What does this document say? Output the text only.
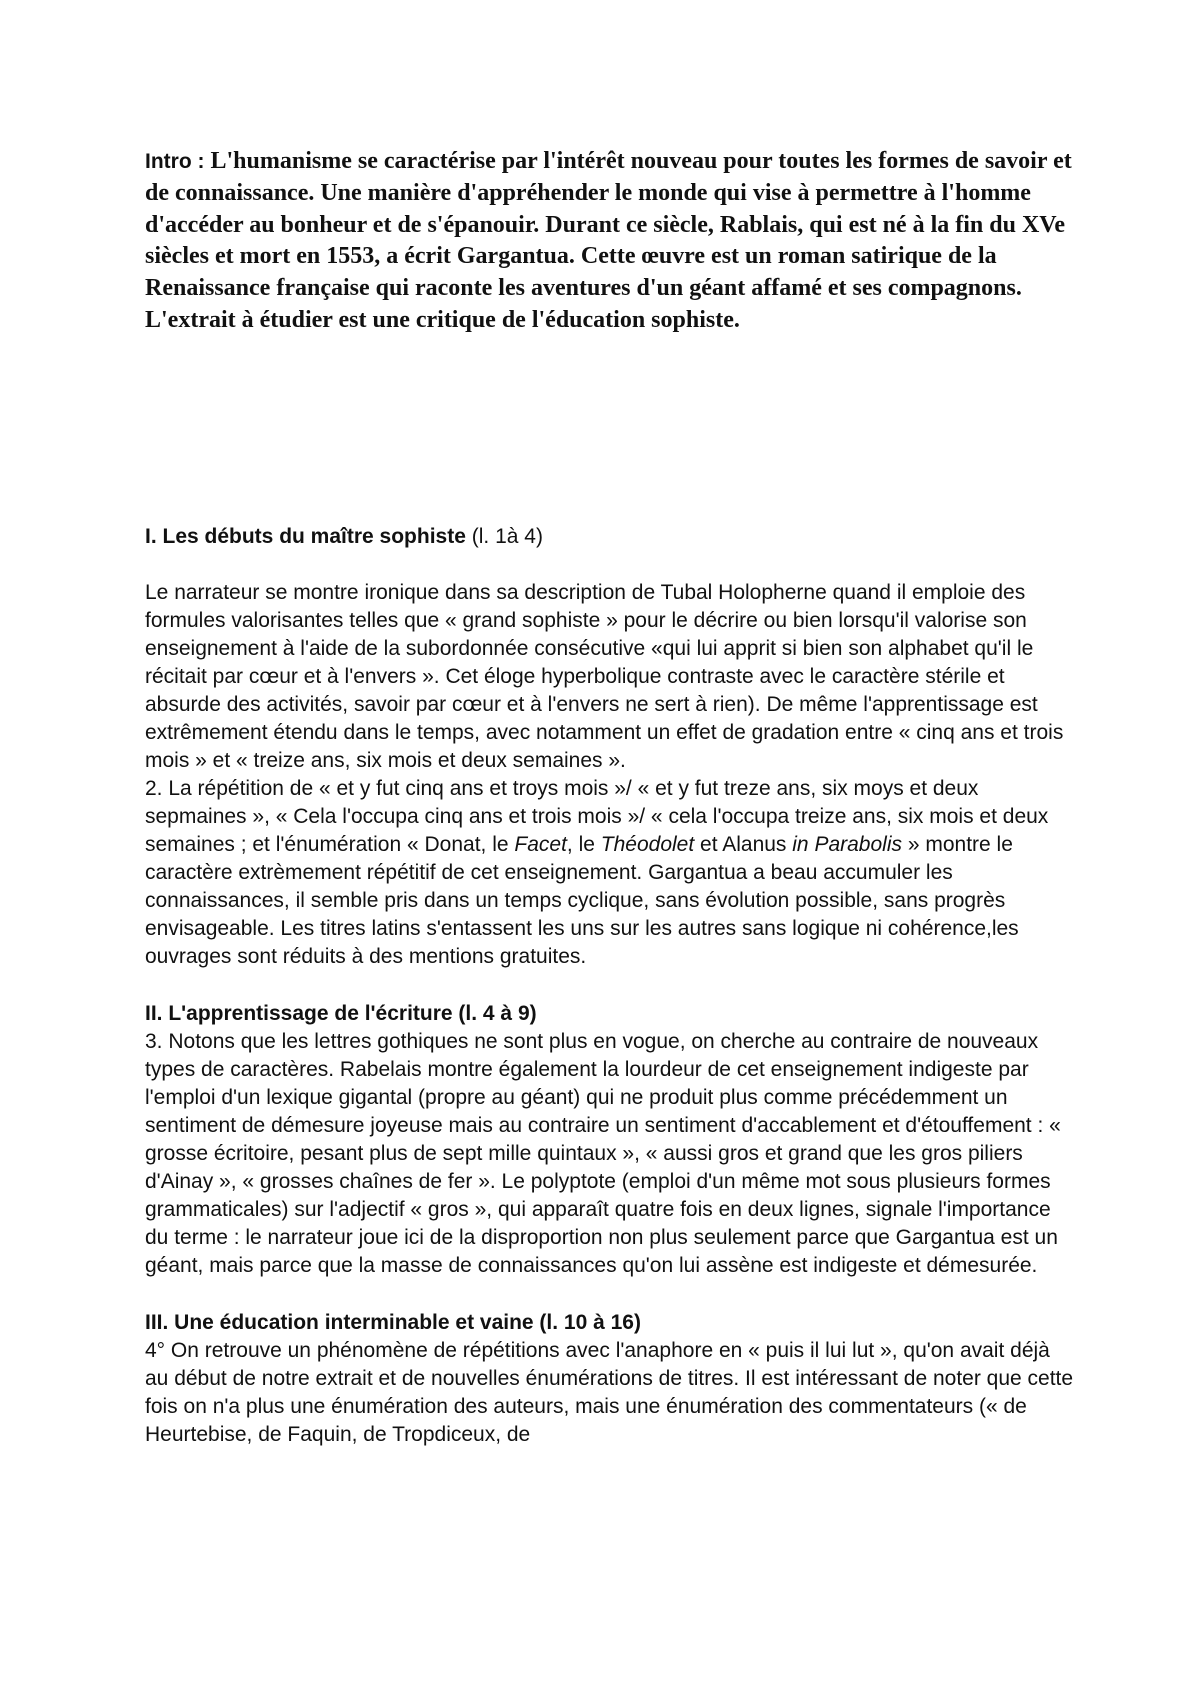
Intro : L'humanisme se caractérise par l'intérêt nouveau pour toutes les formes de savoir et de connaissance. Une manière d'appréhender le monde qui vise à permettre à l'homme d'accéder au bonheur et de s'épanouir. Durant ce siècle, Rablais, qui est né à la fin du XVe siècles et mort en 1553, a écrit Gargantua. Cette œuvre est un roman satirique de la Renaissance française qui raconte les aventures d'un géant affamé et ses compagnons. L'extrait à étudier est une critique de l'éducation sophiste.

I. Les débuts du maître sophiste (l. 1à 4)

Le narrateur se montre ironique dans sa description de Tubal Holopherne quand il emploie des formules valorisantes telles que « grand sophiste » pour le décrire ou bien lorsqu'il valorise son enseignement à l'aide de la subordonnée consécutive «qui lui apprit si bien son alphabet qu'il le récitait par cœur et à l'envers ». Cet éloge hyperbolique contraste avec le caractère stérile et absurde des activités, savoir par cœur et à l'envers ne sert à rien). De même l'apprentissage est extrêmement étendu dans le temps, avec notamment un effet de gradation entre « cinq ans et trois mois » et « treize ans, six mois et deux semaines ».

2. La répétition de « et y fut cinq ans et troys mois »/ « et y fut treze ans, six moys et deux sepmaines », « Cela l'occupa cinq ans et trois mois »/ « cela l'occupa treize ans, six mois et deux semaines ; et l'énumération « Donat, le Facet, le Théodolet et Alanus in Parabolis » montre le caractère extrèmement répétitif de cet enseignement. Gargantua a beau accumuler les connaissances, il semble pris dans un temps cyclique, sans évolution possible, sans progrès envisageable. Les titres latins s'entassent les uns sur les autres sans logique ni cohérence,les ouvrages sont réduits à des mentions gratuites.

II. L'apprentissage de l'écriture (l. 4 à 9)

3. Notons que les lettres gothiques ne sont plus en vogue, on cherche au contraire de nouveaux types de caractères. Rabelais montre également la lourdeur de cet enseignement indigeste par l'emploi d'un lexique gigantal (propre au géant) qui ne produit plus comme précédemment un sentiment de démesure joyeuse mais au contraire un sentiment d'accablement et d'étouffement : « grosse écritoire, pesant plus de sept mille quintaux », « aussi gros et grand que les gros piliers d'Ainay », « grosses chaînes de fer ». Le polyptote (emploi d'un même mot sous plusieurs formes grammaticales) sur l'adjectif « gros », qui apparaît quatre fois en deux lignes, signale l'importance du terme : le narrateur joue ici de la disproportion non plus seulement parce que Gargantua est un géant, mais parce que la masse de connaissances qu'on lui assène est indigeste et démesurée.

III. Une éducation interminable et vaine (l. 10 à 16)

4° On retrouve un phénomène de répétitions avec l'anaphore en « puis il lui lut », qu'on avait déjà au début de notre extrait et de nouvelles énumérations de titres. Il est intéressant de noter que cette fois on n'a plus une énumération des auteurs, mais une énumération des commentateurs (« de Heurtebise, de Faquin, de Tropdiceux, de
